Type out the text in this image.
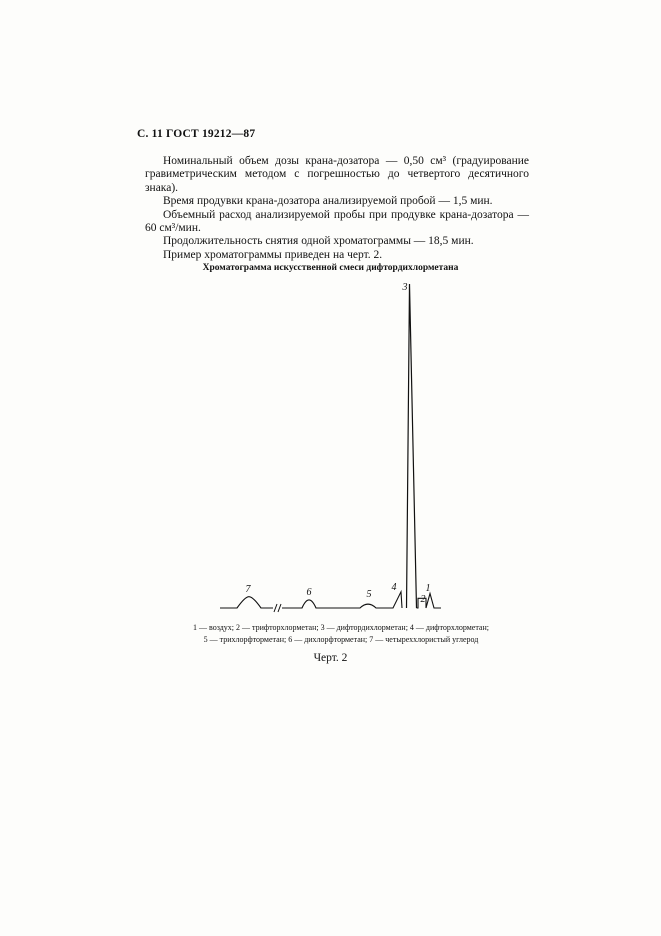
С. 11 ГОСТ 19212—87

Номинальный объем дозы крана-дозатора — 0,50 см³ (градуирование гравиметрическим методом с погрешностью до четвертого десятичного знака).

Время продувки крана-дозатора анализируемой пробой — 1,5 мин.

Объемный расход анализируемой пробы при продувке крана-дозатора — 60 см³/мин.

Продолжительность снятия одной хроматограммы — 18,5 мин.

Пример хроматограммы приведен на черт. 2.

Хроматограмма искусственной смеси дифтордихлорметана
7	6	5
4
3
2
1
1 — воздух; 2 — трифторхлорметан; 3 — дифтордихлорметан; 4 — дифторхлорметан;
5 — трихлорфторметан; 6 — дихлорфторметан; 7 — четыреххлористый углерод
Черт. 2
